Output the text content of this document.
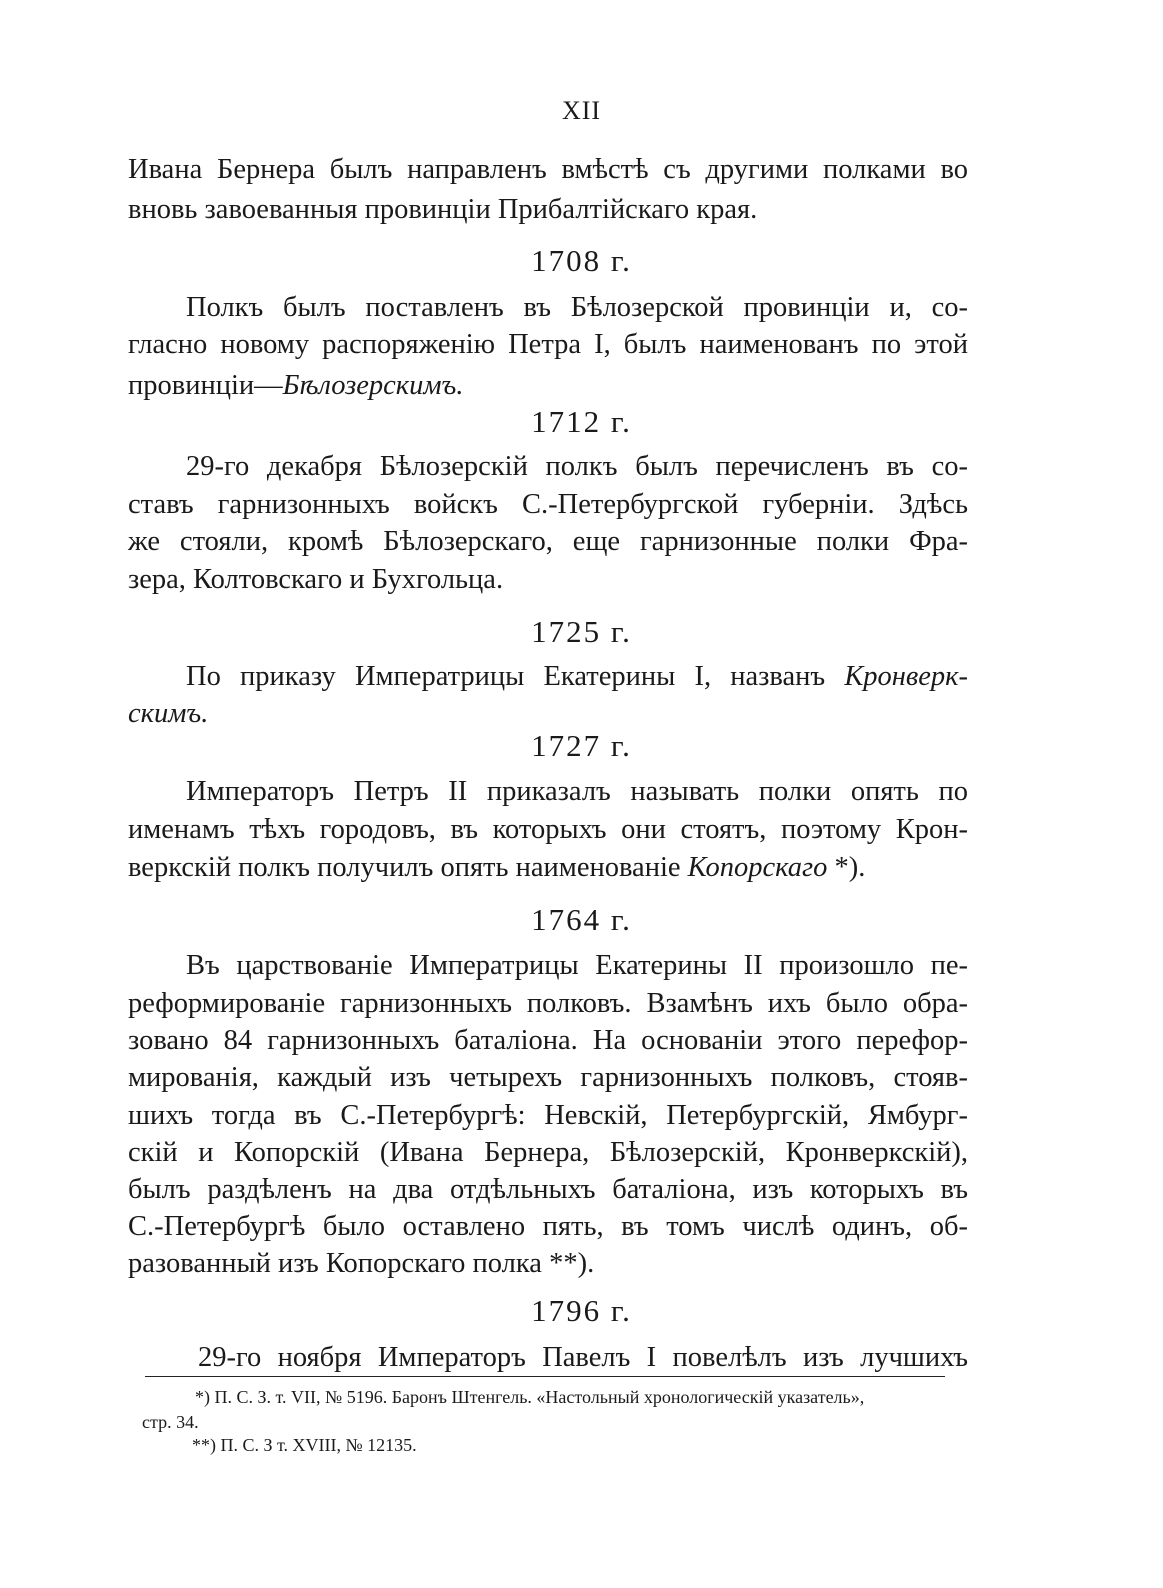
XII
Ивана Бернера былъ направленъ вмѣстѣ съ другими полками во
вновь завоеванныя провинціи Прибалтійскаго края.
1708 г.
Полкъ былъ поставленъ въ Бѣлозерской провинціи и, со-
гласно новому распоряженію Петра I, былъ наименованъ по этой
провинціи—Бѣлозерскимъ.
1712 г.
29-го декабря Бѣлозерскій полкъ былъ перечисленъ въ со-
ставъ гарнизонныхъ войскъ С.-Петербургской губерніи. Здѣсь
же стояли, кромѣ Бѣлозерскаго, еще гарнизонные полки Фра-
зера, Колтовскаго и Бухгольца.
1725 г.
По приказу Императрицы Екатерины I, названъ Кронверк-
скимъ.
1727 г.
Императоръ Петръ II приказалъ называть полки опять по
именамъ тѣхъ городовъ, въ которыхъ они стоятъ, поэтому Крон-
веркскій полкъ получилъ опять наименованіе Копорскаго *).
1764 г.
Въ царствованіе Императрицы Екатерины II произошло пе-
реформированіе гарнизонныхъ полковъ. Взамѣнъ ихъ было обра-
зовано 84 гарнизонныхъ баталіона. На основаніи этого перефор-
мированія, каждый изъ четырехъ гарнизонныхъ полковъ, стояв-
шихъ тогда въ С.-Петербургѣ: Невскій, Петербургскій, Ямбург-
скій и Копорскій (Ивана Бернера, Бѣлозерскій, Кронверкскій),
былъ раздѣленъ на два отдѣльныхъ баталіона, изъ которыхъ въ
С.-Петербургѣ было оставлено пять, въ томъ числѣ одинъ, об-
разованный изъ Копорскаго полка **).
1796 г.
29-го ноября Императоръ Павелъ I повелѣлъ изъ лучшихъ
*) П. С. З. т. VII, № 5196. Баронъ Штенгель. «Настольный хронологическій указатель»,
стр. 34.
**) П. С. З т. XVIII, № 12135.
